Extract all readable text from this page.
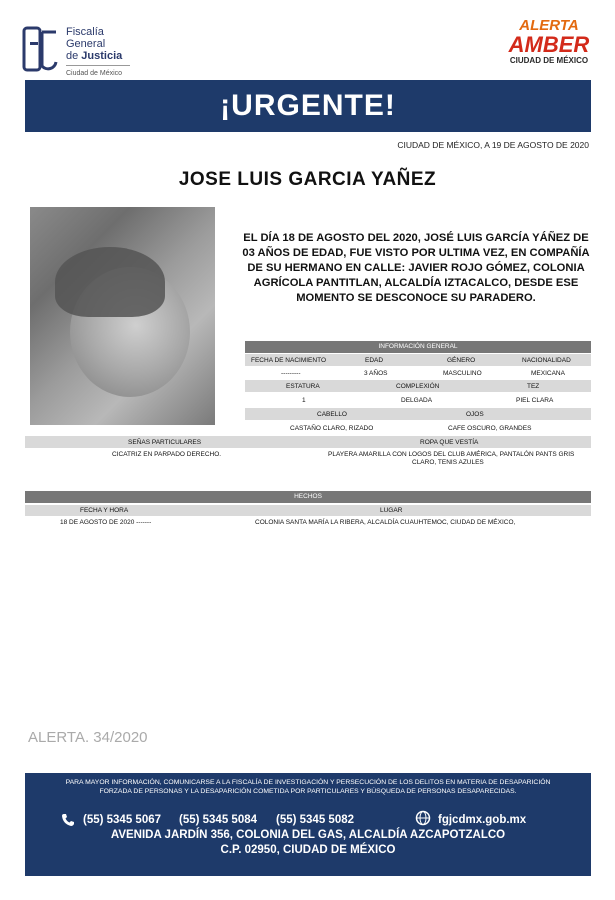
Fiscalía
General
de Justicia
Ciudad de México
ALERTA
AMBER
CIUDAD DE MÉXICO
¡URGENTE!
CIUDAD DE MÉXICO, A 19 DE AGOSTO DE 2020
JOSE LUIS GARCIA YAÑEZ
EL DÍA 18 DE AGOSTO DEL 2020, JOSÉ LUIS GARCÍA YÁÑEZ DE 03 AÑOS DE EDAD, FUE VISTO POR ULTIMA VEZ, EN COMPAÑÍA DE SU HERMANO EN CALLE: JAVIER ROJO GÓMEZ, COLONIA AGRÍCOLA PANTITLAN, ALCALDÍA IZTACALCO, DESDE ESE MOMENTO SE DESCONOCE SU PARADERO.
INFORMACIÓN GENERAL
FECHA DE NACIMIENTO	EDAD	GÉNERO	NACIONALIDAD
---------	3 AÑOS	MASCULINO	MEXICANA
ESTATURA	COMPLEXIÓN	TEZ
1	DELGADA	PIEL CLARA
CABELLO	OJOS
CASTAÑO CLARO, RIZADO	CAFE OSCURO, GRANDES
SEÑAS PARTICULARES	ROPA QUE VESTÍA
CICATRIZ EN PARPADO DERECHO.	PLAYERA AMARILLA CON LOGOS DEL CLUB AMÉRICA, PANTALÓN PANTS GRIS
CLARO, TENIS AZULES
HECHOS
FECHA Y HORA	LUGAR
18 DE AGOSTO DE 2020 -------	COLONIA SANTA MARÍA LA RIBERA, ALCALDÍA CUAUHTEMOC, CIUDAD DE MÉXICO,
ALERTA. 34/2020
PARA MAYOR INFORMACIÓN, COMUNICARSE A LA FISCALÍA DE INVESTIGACIÓN Y PERSECUCIÓN DE LOS DELITOS EN MATERIA DE DESAPARICIÓN
FORZADA DE PERSONAS Y LA DESAPARICIÓN COMETIDA POR PARTICULARES Y BÚSQUEDA DE PERSONAS DESAPARECIDAS.
(55) 5345 5067 (55) 5345 5084 (55) 5345 5082	fgjcdmx.gob.mx
AVENIDA JARDÍN 356, COLONIA DEL GAS, ALCALDÍA AZCAPOTZALCO
C.P. 02950, CIUDAD DE MÉXICO
